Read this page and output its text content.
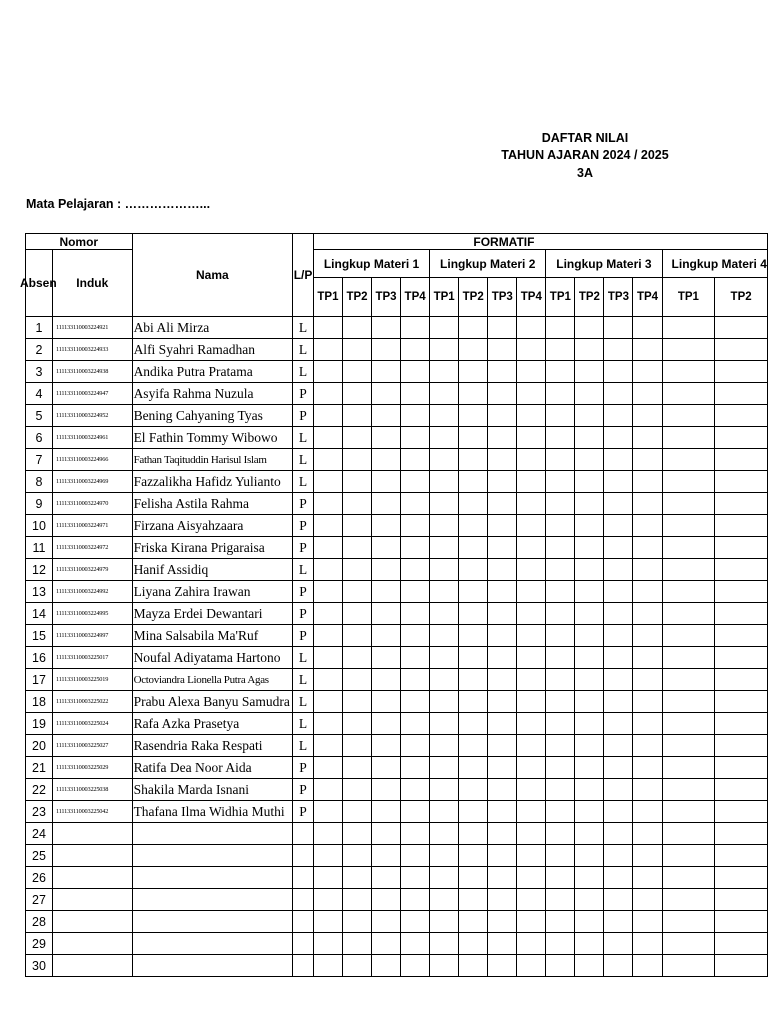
DAFTAR NILAI
TAHUN AJARAN 2024 / 2025
3A
Mata Pelajaran : ………………...
Nomor		Nama	L/P	FORMATIF													

Absen	Induk			Lingkup Materi 1				Lingkup Materi 2				Lingkup Materi 3				Lingkup Materi 4	
				TP1	TP2	TP3	TP4	TP1	TP2	TP3	TP4	TP1	TP2	TP3	TP4	TP1	TP2
1	111133110003224921	Abi Ali Mirza	L														
2	111133110003224933	Alfi Syahri Ramadhan	L														
3	111133110003224938	Andika Putra Pratama	L														
4	111133110003224947	Asyifa Rahma Nuzula	P														
5	111133110003224952	Bening Cahyaning Tyas	P														
6	111133110003224961	El Fathin Tommy Wibowo	L														
7	111133110003224966	Fathan Taqituddin Harisul Islam	L														
8	111133110003224969	Fazzalikha Hafidz Yulianto	L														
9	111133110003224970	Felisha Astila Rahma	P														
10	111133110003224971	Firzana Aisyahzaara	P														
11	111133110003224972	Friska Kirana Prigaraisa	P														
12	111133110003224979	Hanif Assidiq	L														
13	111133110003224992	Liyana Zahira Irawan	P														
14	111133110003224995	Mayza Erdei Dewantari	P														
15	111133110003224997	Mina Salsabila Ma'Ruf	P														
16	111133110003225017	Noufal Adiyatama Hartono	L														
17	111133110003225019	Octoviandra Lionella Putra Agas	L														
18	111133110003225022	Prabu Alexa Banyu Samudra	L														
19	111133110003225024	Rafa Azka Prasetya	L														
20	111133110003225027	Rasendria Raka Respati	L														
21	111133110003225029	Ratifa Dea Noor Aida	P														
22	111133110003225038	Shakila Marda Isnani	P														
23	111133110003225042	Thafana Ilma Widhia Muthi	P														
24																	
25																	
26																	
27																	
28																	
29																	
30																	
